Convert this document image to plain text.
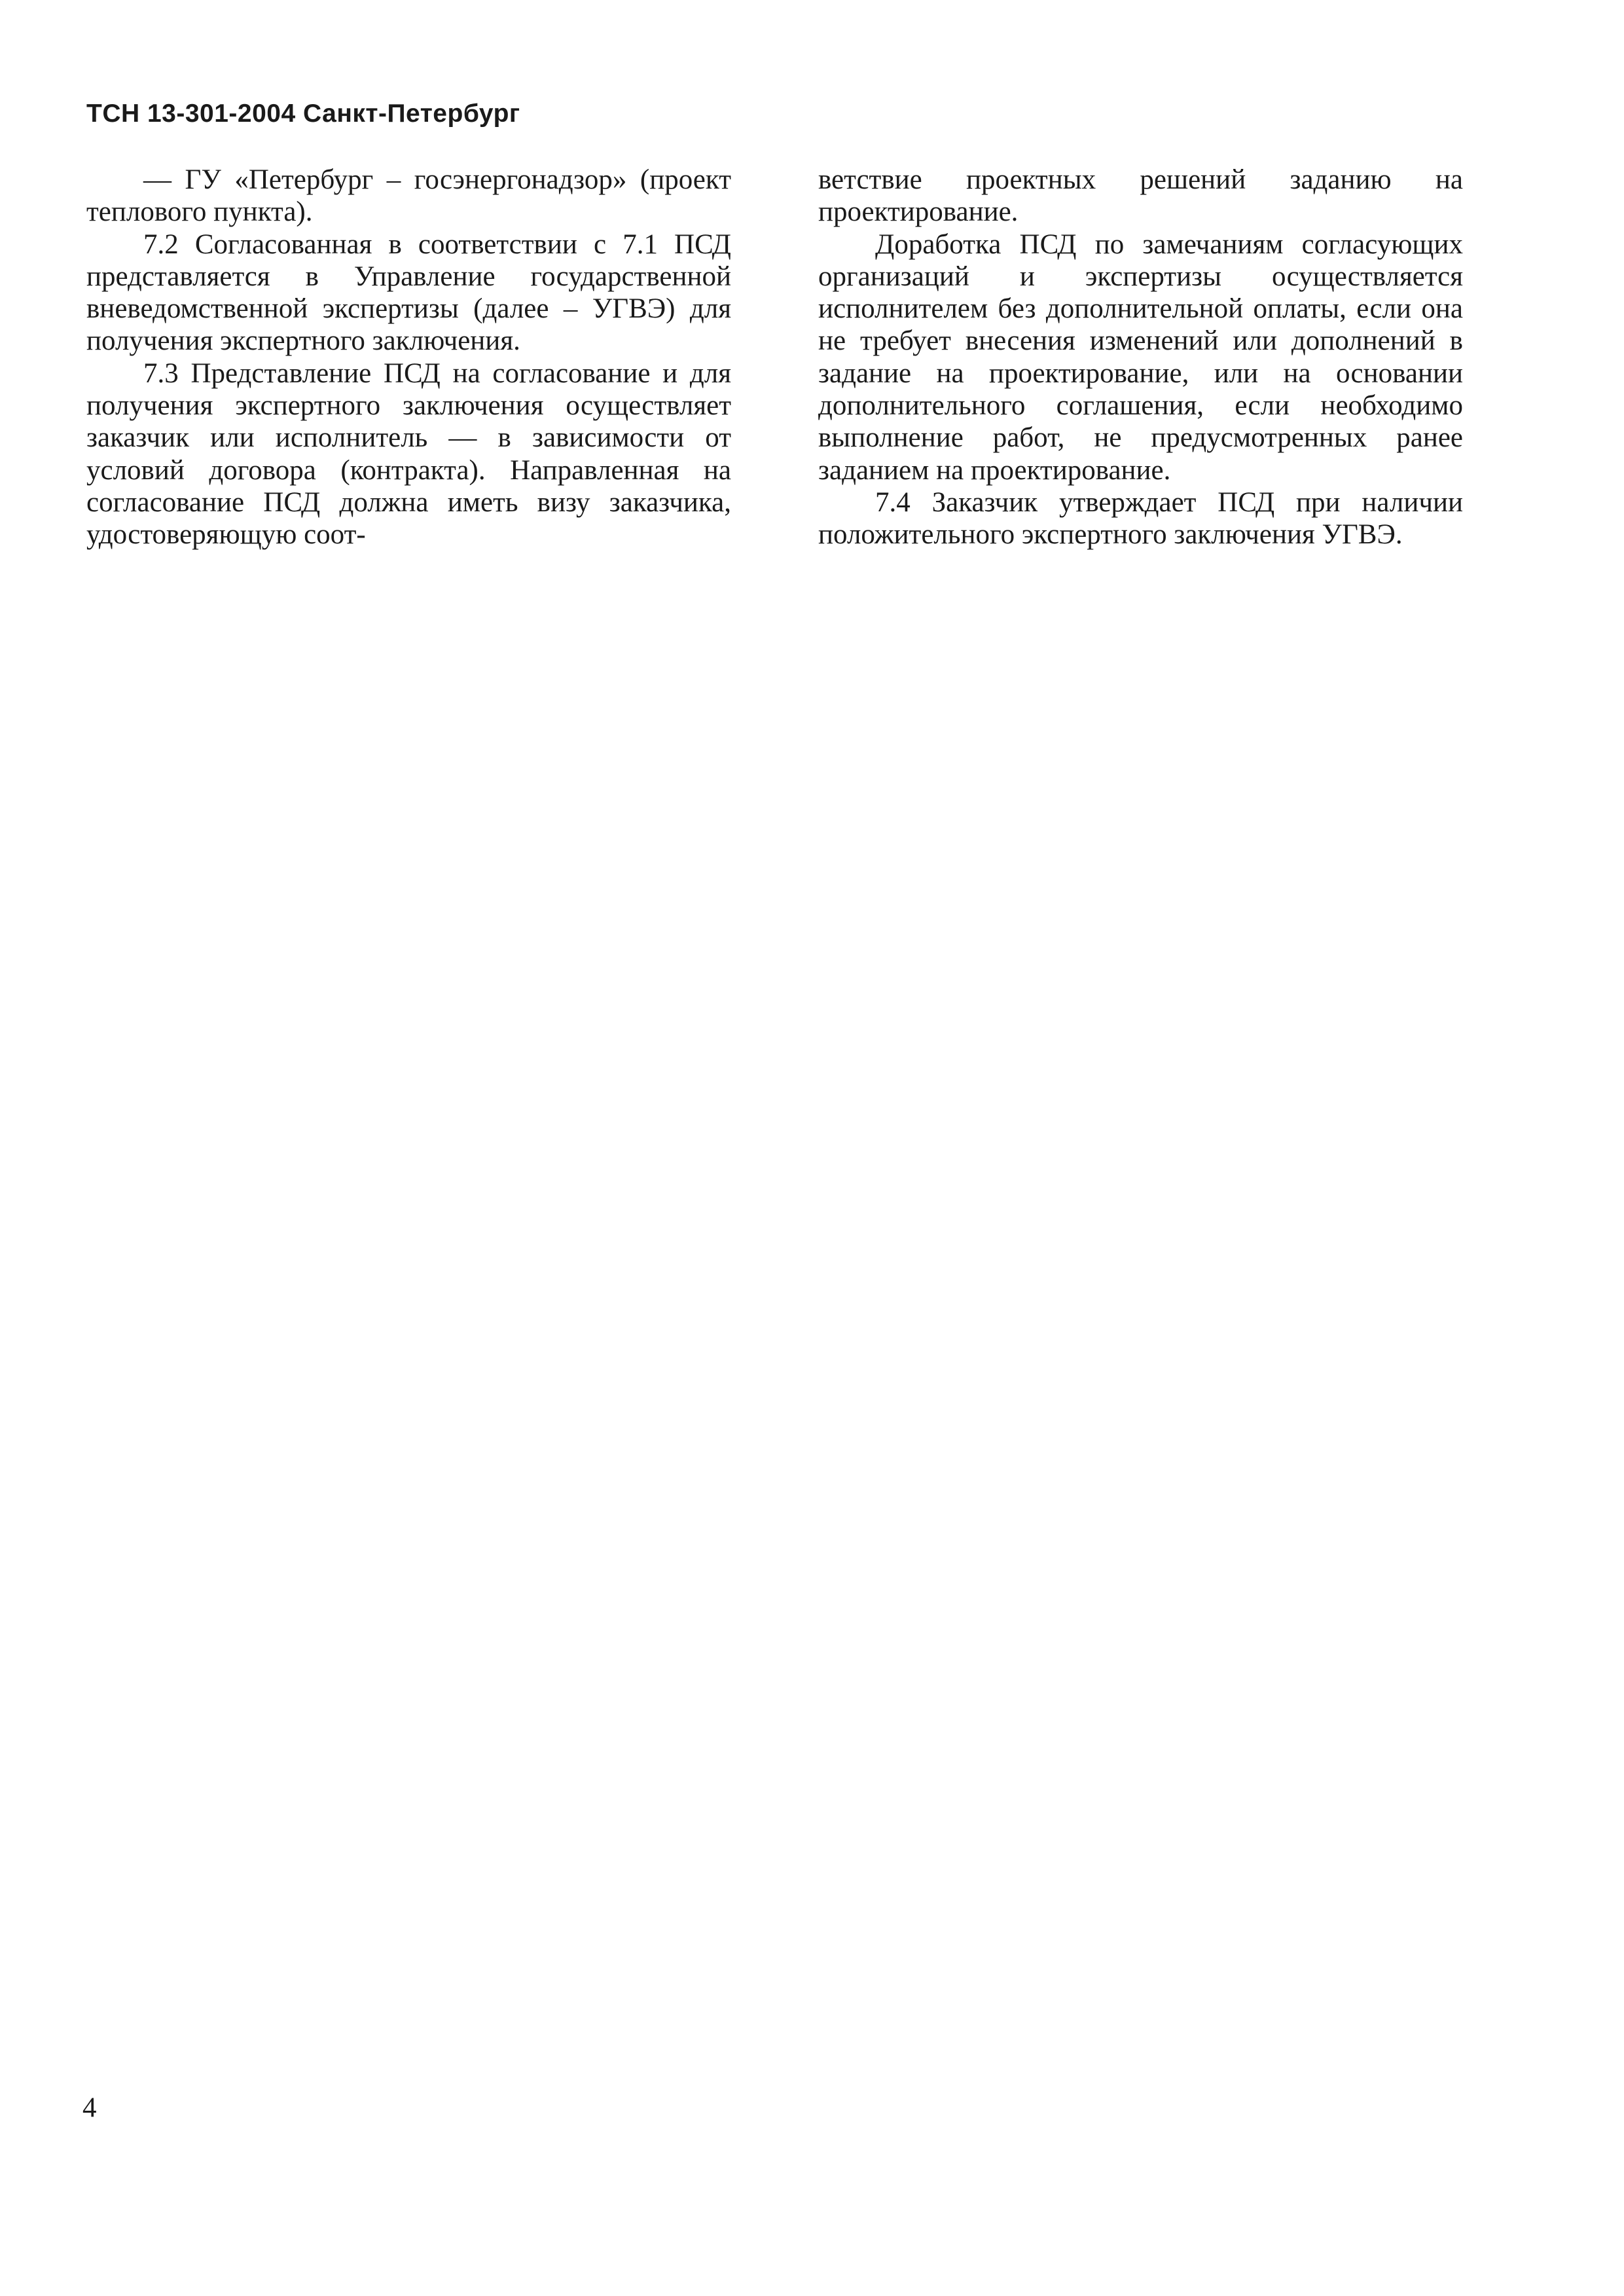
ТСН 13-301-2004 Санкт-Петербург

— ГУ «Петербург – госэнергонадзор» (проект теплового пункта).

7.2 Согласованная в соответствии с 7.1 ПСД представляется в Управление государственной вневедомственной экспертизы (далее – УГВЭ) для получения экспертного заключения.

7.3 Представление ПСД на согласование и для получения экспертного заключения осуществляет заказчик или исполнитель — в зависимости от условий договора (контракта). Направленная на согласование ПСД должна иметь визу заказчика, удостоверяющую соот-

ветствие проектных решений заданию на проектирование.

Доработка ПСД по замечаниям согласующих организаций и экспертизы осуществляется исполнителем без дополнительной оплаты, если она не требует внесения изменений или дополнений в задание на проектирование, или на основании дополнительного соглашения, если необходимо выполнение работ, не предусмотренных ранее заданием на проектирование.

7.4 Заказчик утверждает ПСД при наличии положительного экспертного заключения УГВЭ.

4
